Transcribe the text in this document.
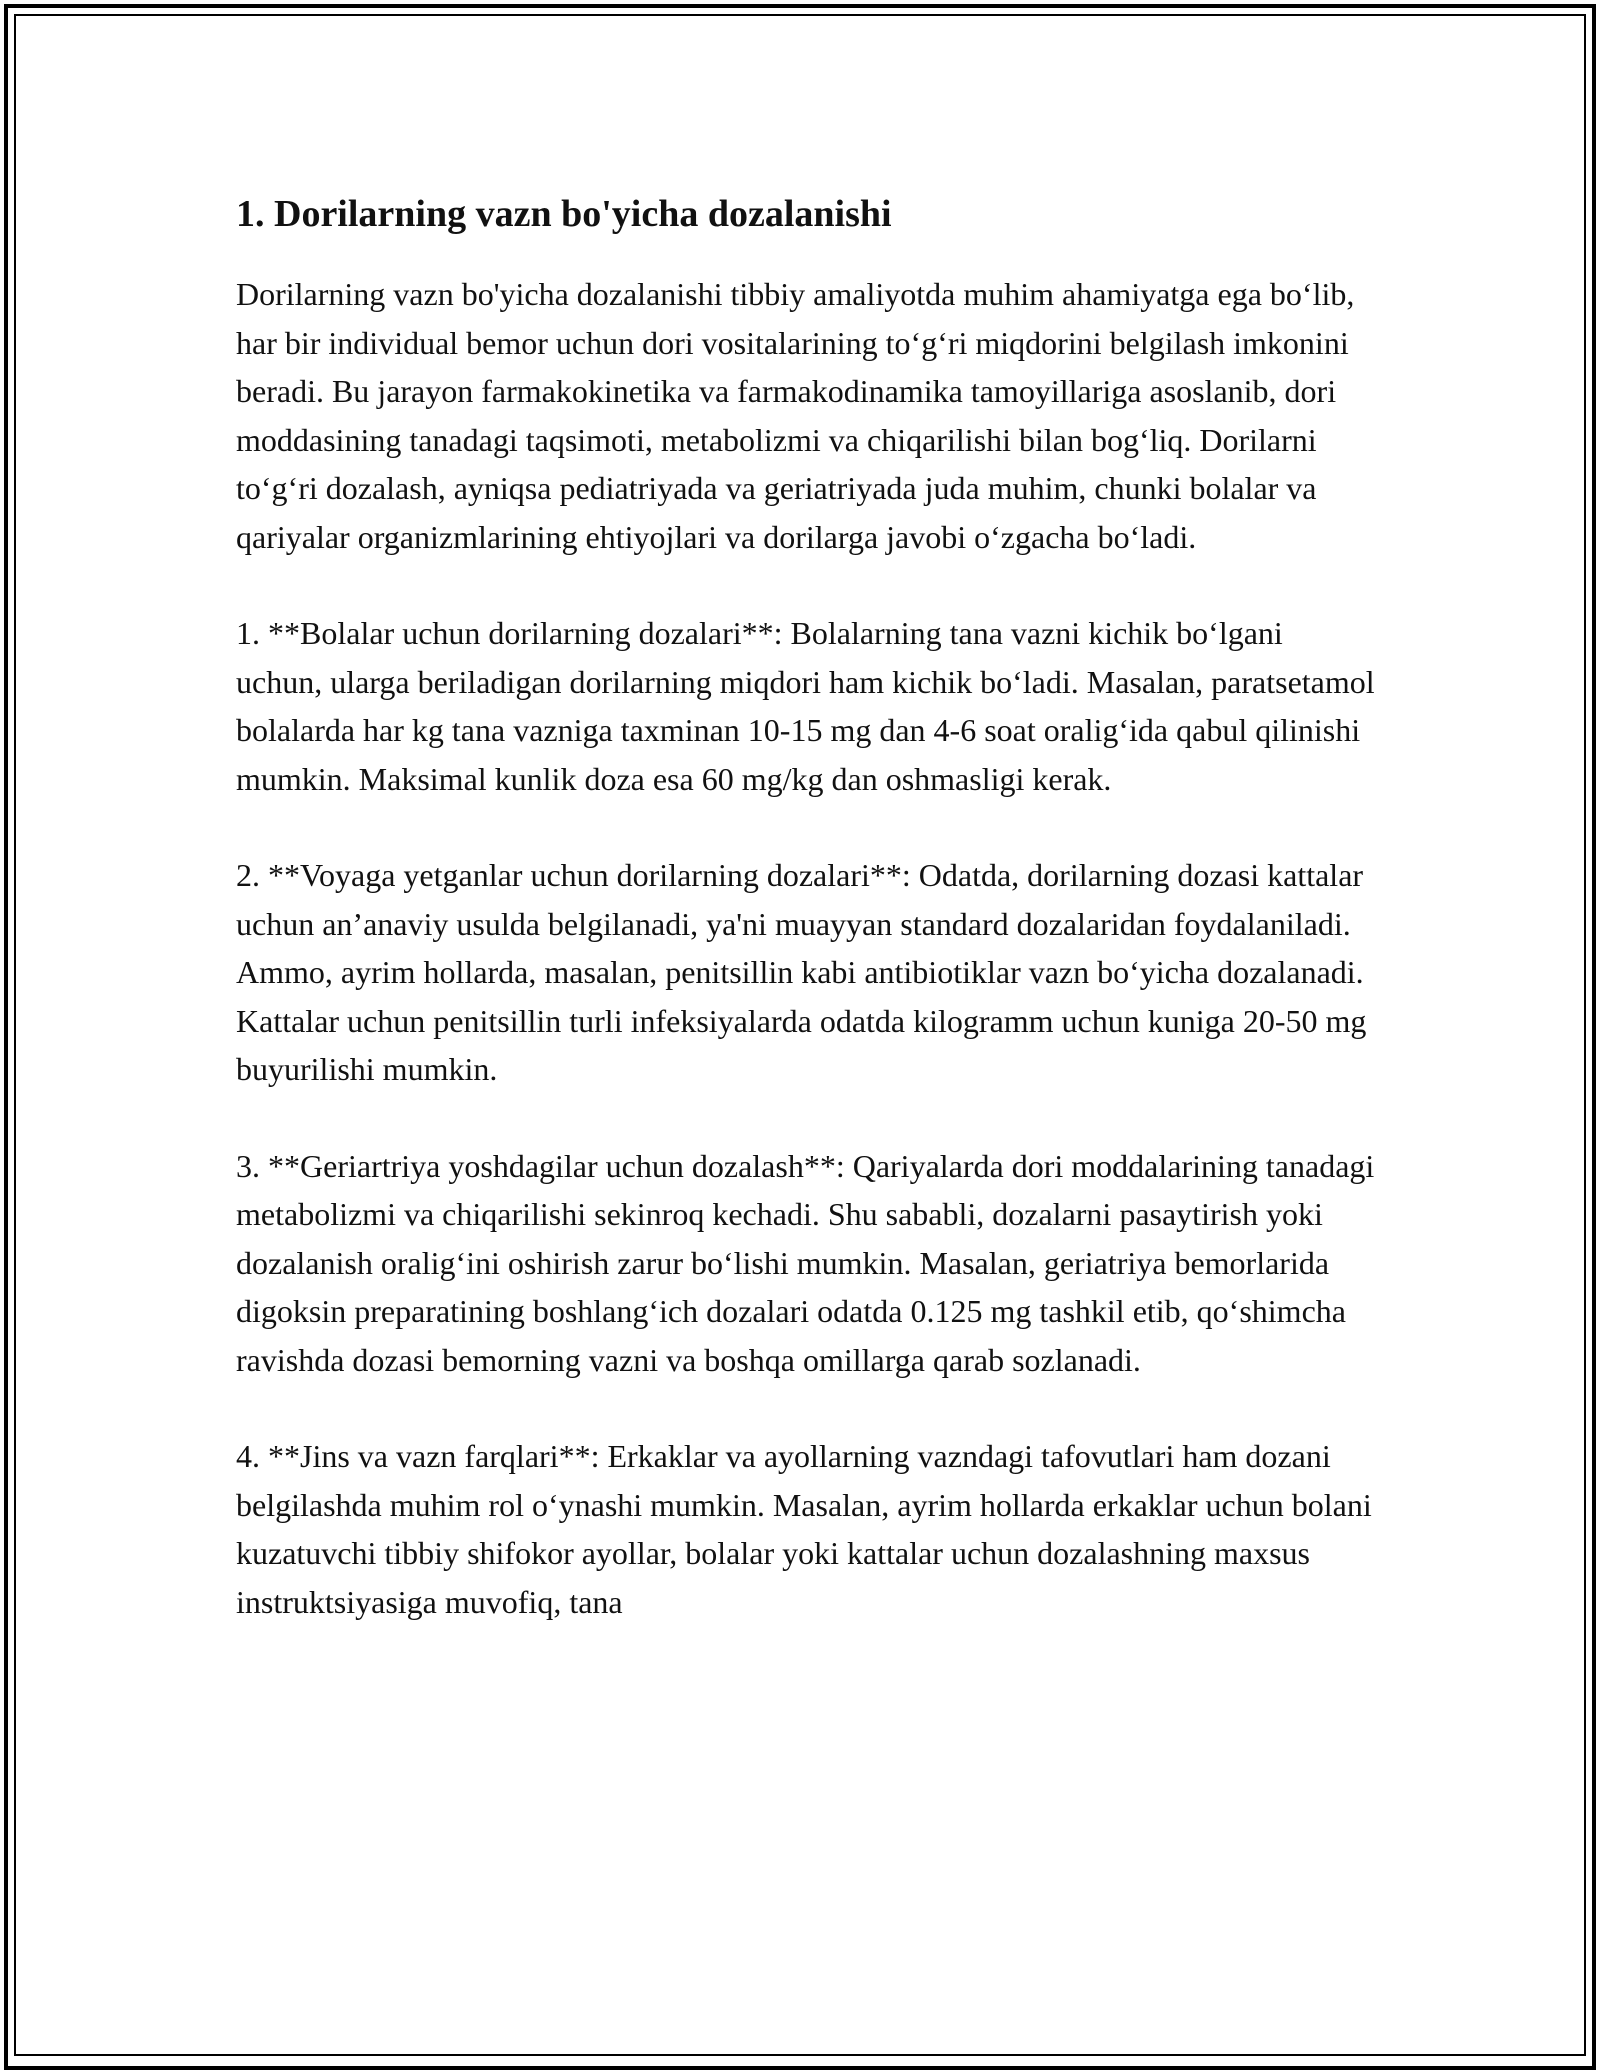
1. Dorilarning vazn bo'yicha dozalanishi

Dorilarning vazn bo'yicha dozalanishi tibbiy amaliyotda muhim ahamiyatga ega bo‘lib, har bir individual bemor uchun dori vositalarining to‘g‘ri miqdorini belgilash imkonini beradi. Bu jarayon farmakokinetika va farmakodinamika tamoyillariga asoslanib, dori moddasining tanadagi taqsimoti, metabolizmi va chiqarilishi bilan bog‘liq. Dorilarni to‘g‘ri dozalash, ayniqsa pediatriyada va geriatriyada juda muhim, chunki bolalar va qariyalar organizmlarining ehtiyojlari va dorilarga javobi o‘zgacha bo‘ladi.

1. **Bolalar uchun dorilarning dozalari**: Bolalarning tana vazni kichik bo‘lgani uchun, ularga beriladigan dorilarning miqdori ham kichik bo‘ladi. Masalan, paratsetamol bolalarda har kg tana vazniga taxminan 10-15 mg dan 4-6 soat oralig‘ida qabul qilinishi mumkin. Maksimal kunlik doza esa 60 mg/kg dan oshmasligi kerak.

2. **Voyaga yetganlar uchun dorilarning dozalari**: Odatda, dorilarning dozasi kattalar uchun an’anaviy usulda belgilanadi, ya'ni muayyan standard dozalaridan foydalaniladi. Ammo, ayrim hollarda, masalan, penitsillin kabi antibiotiklar vazn bo‘yicha dozalanadi. Kattalar uchun penitsillin turli infeksiyalarda odatda kilogramm uchun kuniga 20-50 mg buyurilishi mumkin.

3. **Geriartriya yoshdagilar uchun dozalash**: Qariyalarda dori moddalarining tanadagi metabolizmi va chiqarilishi sekinroq kechadi. Shu sababli, dozalarni pasaytirish yoki dozalanish oralig‘ini oshirish zarur bo‘lishi mumkin. Masalan, geriatriya bemorlarida digoksin preparatining boshlang‘ich dozalari odatda 0.125 mg tashkil etib, qo‘shimcha ravishda dozasi bemorning vazni va boshqa omillarga qarab sozlanadi.

4. **Jins va vazn farqlari**: Erkaklar va ayollarning vazndagi tafovutlari ham dozani belgilashda muhim rol o‘ynashi mumkin. Masalan, ayrim hollarda erkaklar uchun bolani kuzatuvchi tibbiy shifokor ayollar, bolalar yoki kattalar uchun dozalashning maxsus instruktsiyasiga muvofiq, tana
